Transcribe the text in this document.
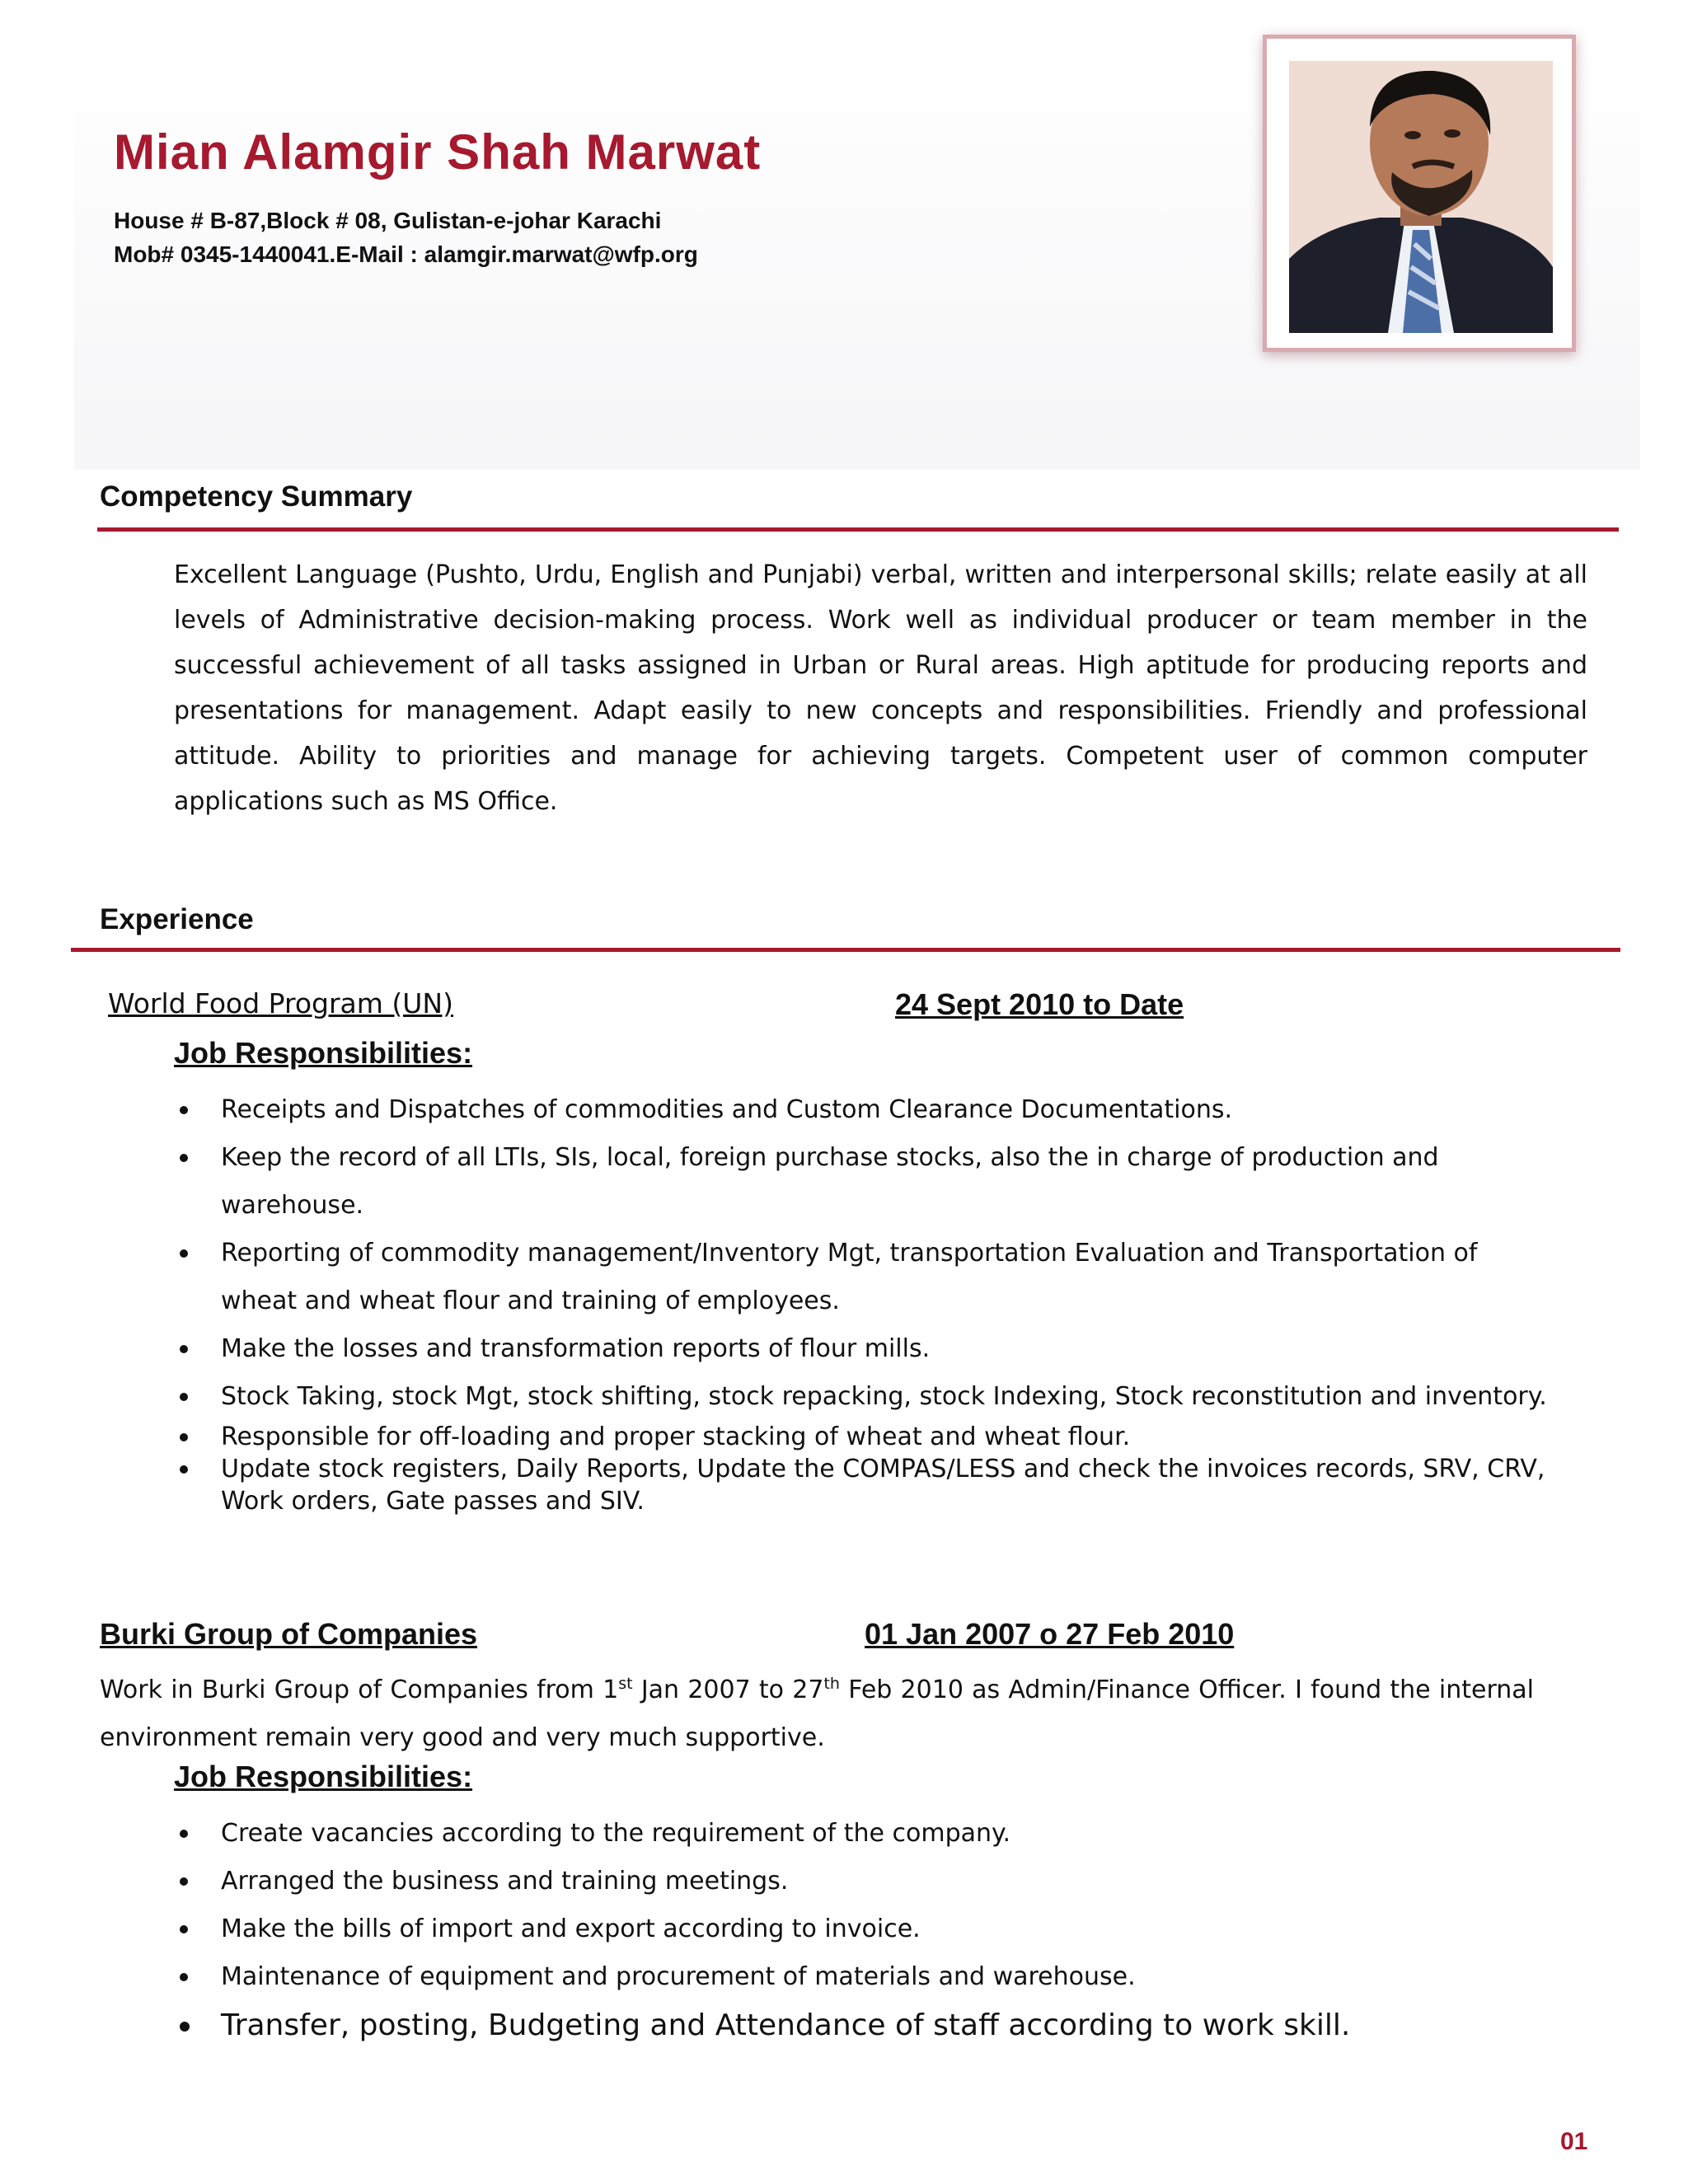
Mian Alamgir Shah Marwat
House # B-87,Block # 08, Gulistan-e-johar Karachi
Mob# 0345-1440041.E-Mail : alamgir.marwat@wfp.org
Competency Summary

Excellent Language (Pushto, Urdu, English and Punjabi) verbal, written and interpersonal skills; relate easily at all levels of Administrative decision-making process. Work well as individual producer or team member in the successful achievement of all tasks assigned in Urban or Rural areas. High aptitude for producing reports and presentations for management. Adapt easily to new concepts and responsibilities. Friendly and professional attitude. Ability to priorities and manage for achieving targets. Competent user of common computer applications such as MS Office.

Experience
World Food Program (UN)	24 Sept 2010 to Date
Job Responsibilities:
Receipts and Dispatches of commodities and Custom Clearance Documentations.
Keep the record of all LTIs, SIs, local, foreign purchase stocks, also the in charge of production and warehouse.
Reporting of commodity management/Inventory Mgt, transportation Evaluation and Transportation of wheat and wheat flour and training of employees.
Make the losses and transformation reports of flour mills.
Stock Taking, stock Mgt, stock shifting, stock repacking, stock Indexing, Stock reconstitution and inventory.
Responsible for off-loading and proper stacking of wheat and wheat flour.
Update stock registers, Daily Reports, Update the COMPAS/LESS and check the invoices records, SRV, CRV, Work orders, Gate passes and SIV.
Burki Group of Companies	01 Jan 2007 o 27 Feb 2010

Work in Burki Group of Companies from 1st Jan 2007 to 27th Feb 2010 as Admin/Finance Officer. I found the internal environment remain very good and very much supportive.

Job Responsibilities:
Create vacancies according to the requirement of the company.
Arranged the business and training meetings.
Make the bills of import and export according to invoice.
Maintenance of equipment and procurement of materials and warehouse.
Transfer, posting, Budgeting and Attendance of staff according to work skill.
01
